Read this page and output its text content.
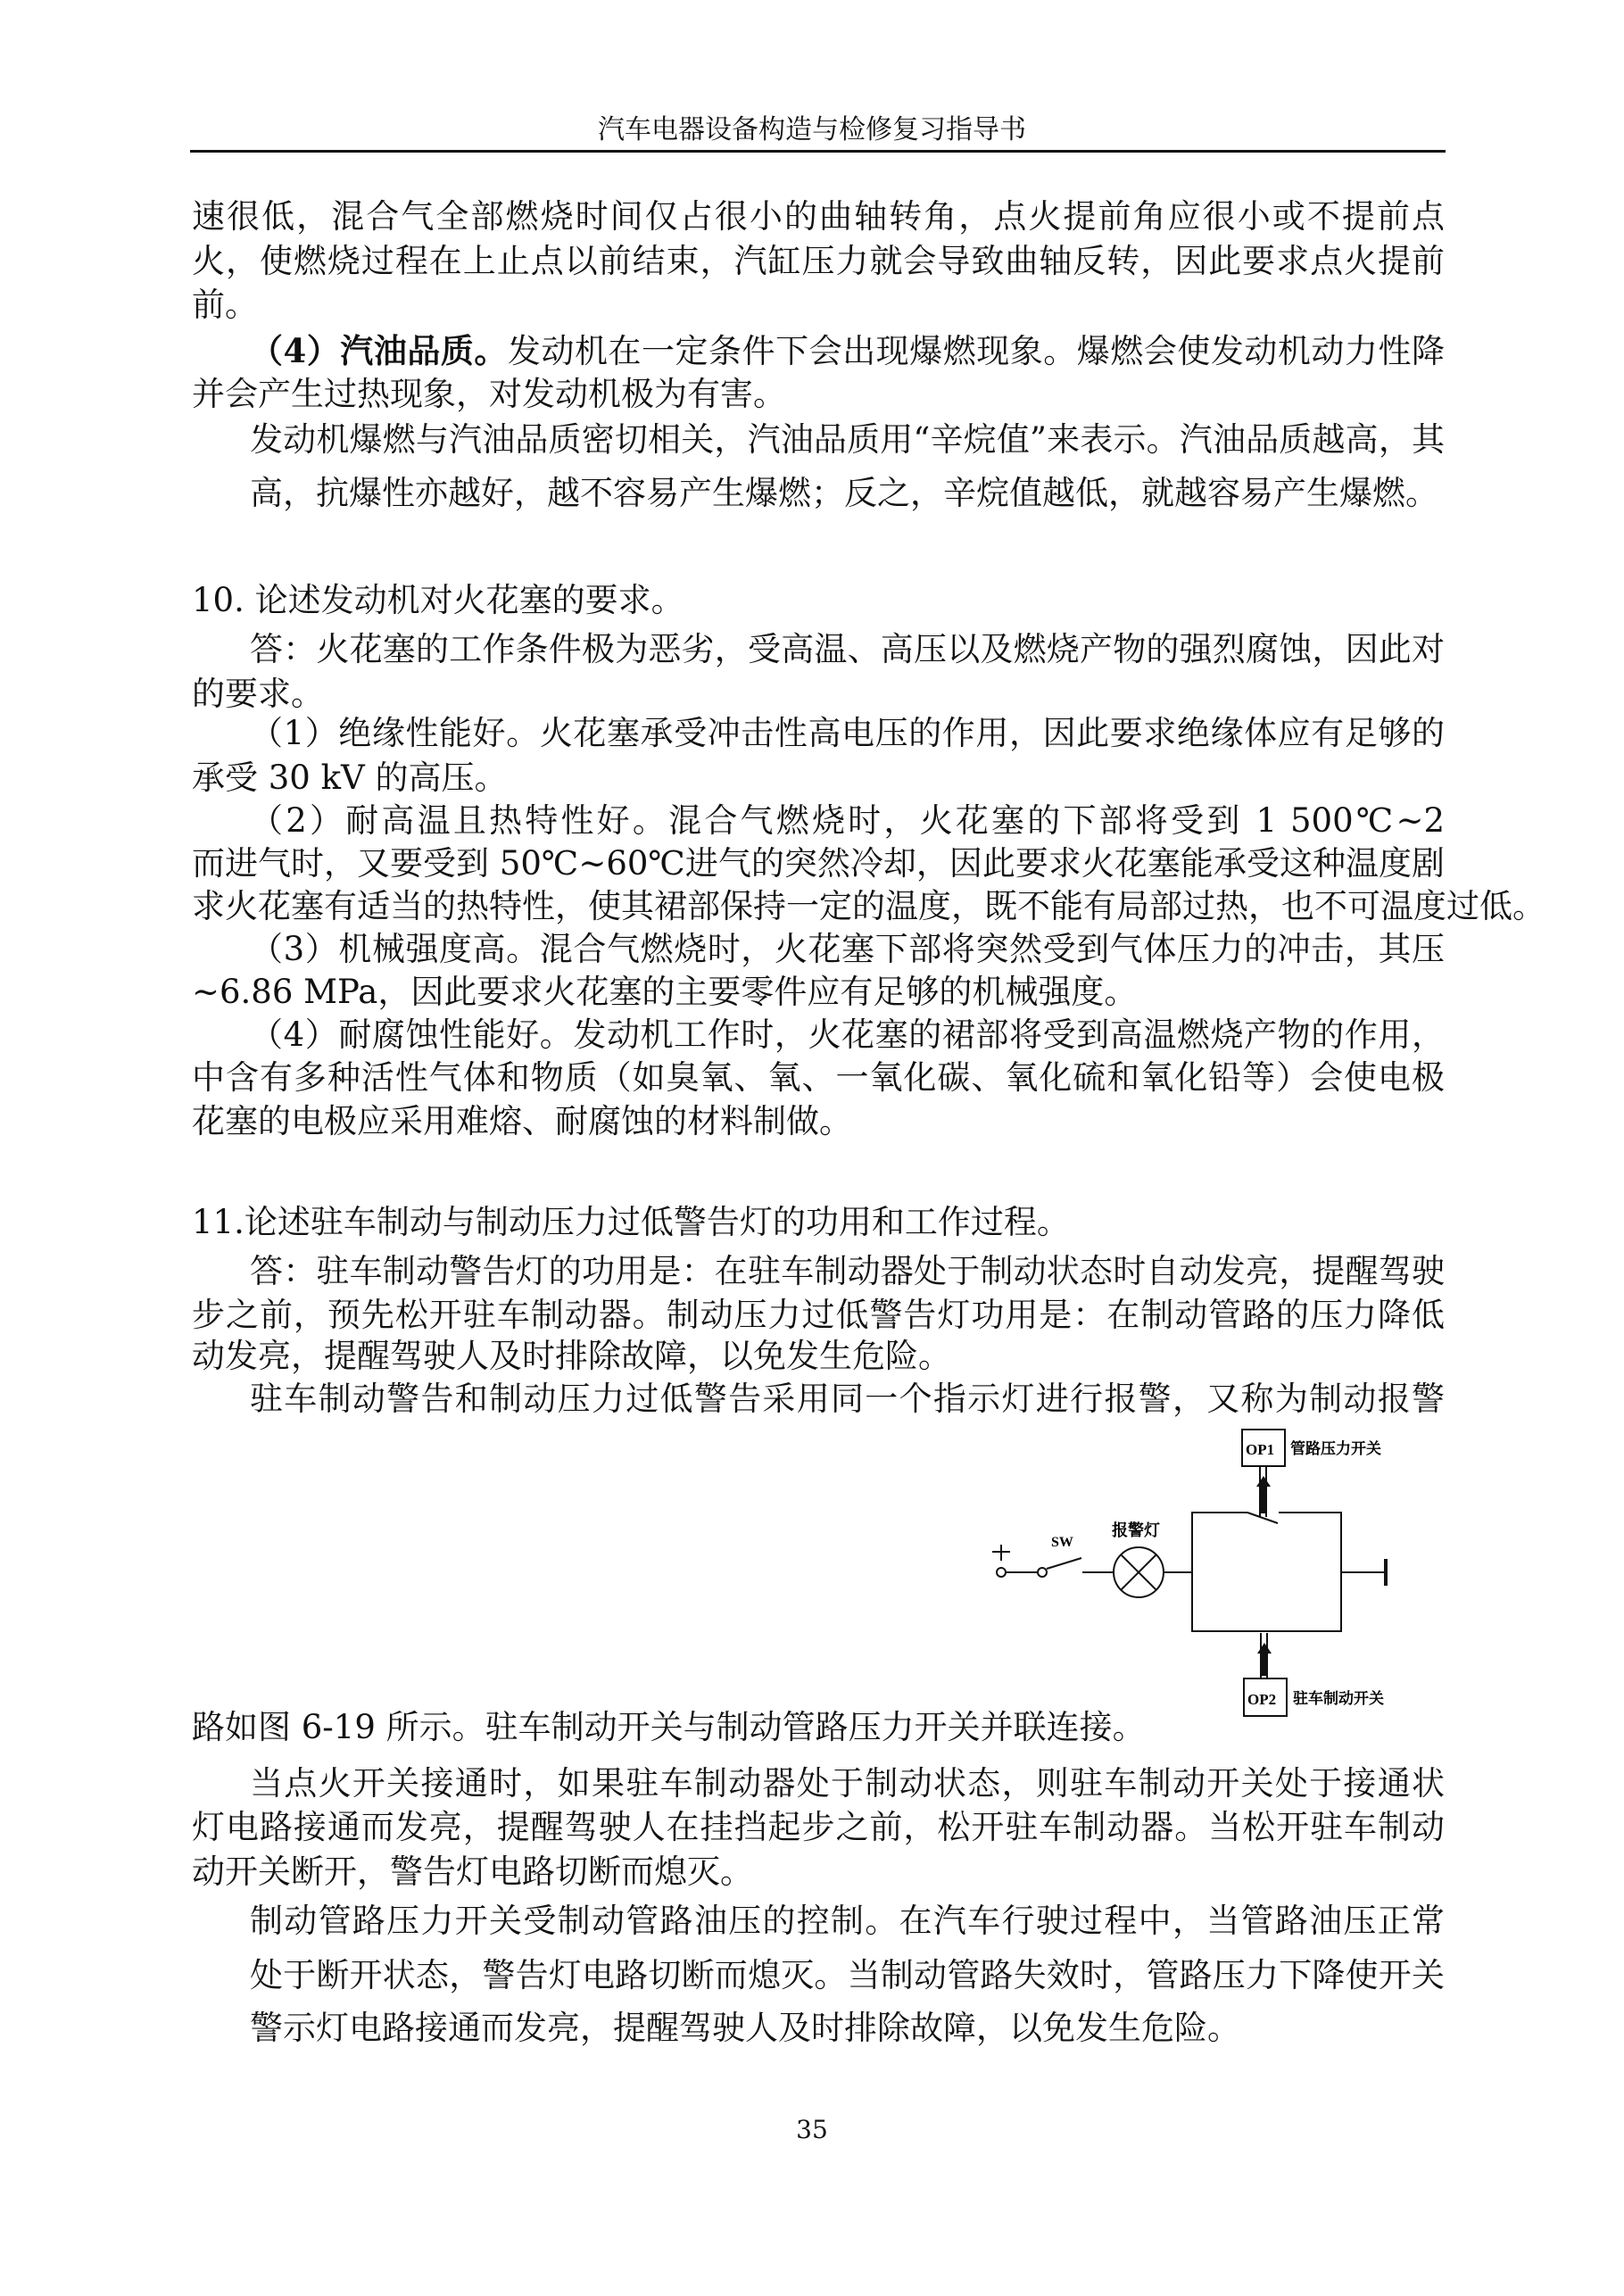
汽车电器设备构造与检修复习指导书
速很低，混合气全部燃烧时间仅占很小的曲轴转角，点火提前角应很小或不提前点
火，使燃烧过程在上止点以前结束，汽缸压力就会导致曲轴反转，因此要求点火提前
前。
（4）汽油品质。发动机在一定条件下会出现爆燃现象。爆燃会使发动机动力性降
并会产生过热现象，对发动机极为有害。
发动机爆燃与汽油品质密切相关，汽油品质用“辛烷值”来表示。汽油品质越高，其
高，抗爆性亦越好，越不容易产生爆燃；反之，辛烷值越低，就越容易产生爆燃。
10. 论述发动机对火花塞的要求。
答：火花塞的工作条件极为恶劣，受高温、高压以及燃烧产物的强烈腐蚀，因此对
的要求。
（1）绝缘性能好。火花塞承受冲击性高电压的作用，因此要求绝缘体应有足够的
承受 30 kV 的高压。
（2）耐高温且热特性好。混合气燃烧时，火花塞的下部将受到 1 500℃~2
而进气时，又要受到 50℃~60℃进气的突然冷却，因此要求火花塞能承受这种温度剧
求火花塞有适当的热特性，使其裙部保持一定的温度，既不能有局部过热，也不可温度过低。
（3）机械强度高。混合气燃烧时，火花塞下部将突然受到气体压力的冲击，其压
~6.86 MPa，因此要求火花塞的主要零件应有足够的机械强度。
（4）耐腐蚀性能好。发动机工作时，火花塞的裙部将受到高温燃烧产物的作用，
中含有多种活性气体和物质（如臭氧、氧、一氧化碳、氧化硫和氧化铅等）会使电极
花塞的电极应采用难熔、耐腐蚀的材料制做。
11.论述驻车制动与制动压力过低警告灯的功用和工作过程。
答：驻车制动警告灯的功用是：在驻车制动器处于制动状态时自动发亮，提醒驾驶
步之前，预先松开驻车制动器。制动压力过低警告灯功用是：在制动管路的压力降低
动发亮，提醒驾驶人及时排除故障，以免发生危险。
驻车制动警告和制动压力过低警告采用同一个指示灯进行报警，又称为制动报警
路如图 6-19 所示。驻车制动开关与制动管路压力开关并联连接。
当点火开关接通时，如果驻车制动器处于制动状态，则驻车制动开关处于接通状
灯电路接通而发亮，提醒驾驶人在挂挡起步之前，松开驻车制动器。当松开驻车制动
动开关断开，警告灯电路切断而熄灭。
制动管路压力开关受制动管路油压的控制。在汽车行驶过程中，当管路油压正常
处于断开状态，警告灯电路切断而熄灭。当制动管路失效时，管路压力下降使开关
警示灯电路接通而发亮，提醒驾驶人及时排除故障，以免发生危险。
SW
报警灯
OP1 管路压力开关
OP2 驻车制动开关
35
